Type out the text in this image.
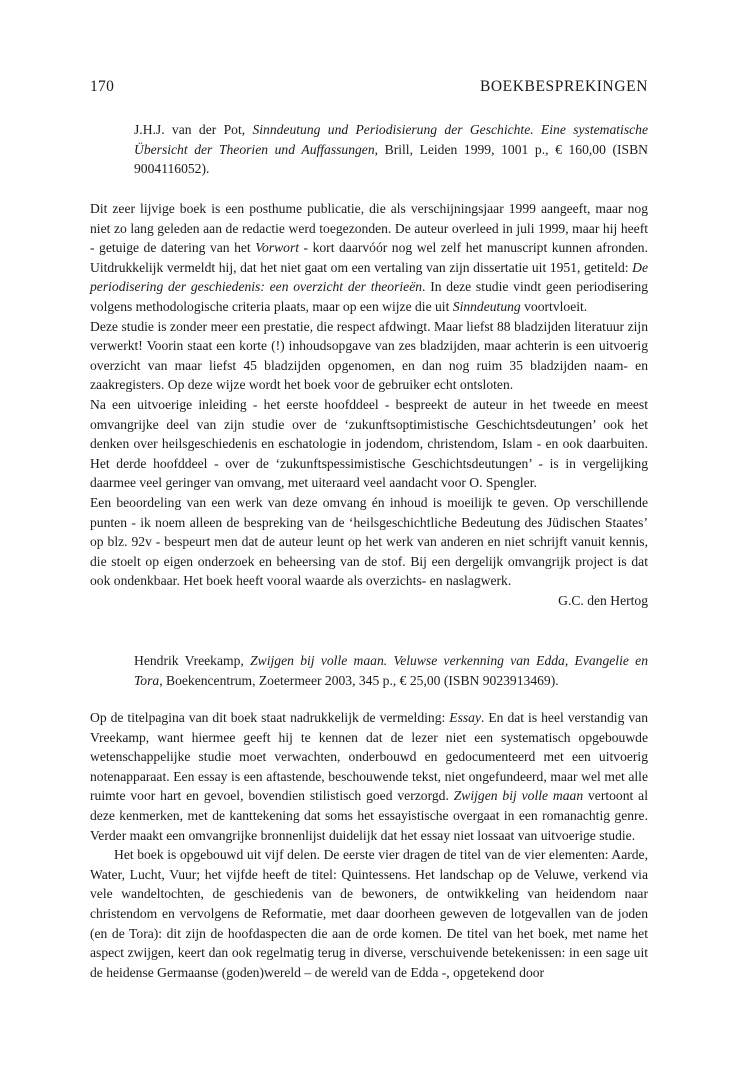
170	BOEKBESPREKINGEN
J.H.J. van der Pot, Sinndeutung und Periodisierung der Geschichte. Eine systematische Übersicht der Theorien und Auffassungen, Brill, Leiden 1999, 1001 p., € 160,00 (ISBN 9004116052).

Dit zeer lijvige boek is een posthume publicatie, die als verschijningsjaar 1999 aangeeft, maar nog niet zo lang geleden aan de redactie werd toegezonden. De auteur overleed in juli 1999, maar hij heeft - getuige de datering van het Vorwort - kort daarvóór nog wel zelf het manuscript kunnen afronden. Uitdrukkelijk vermeldt hij, dat het niet gaat om een vertaling van zijn dissertatie uit 1951, getiteld: De periodisering der geschiedenis: een overzicht der theorieën. In deze studie vindt geen periodisering volgens methodologische criteria plaats, maar op een wijze die uit Sinndeutung voortvloeit.

Deze studie is zonder meer een prestatie, die respect afdwingt. Maar liefst 88 bladzijden literatuur zijn verwerkt! Voorin staat een korte (!) inhoudsopgave van zes bladzijden, maar achterin is een uitvoerig overzicht van maar liefst 45 bladzijden opgenomen, en dan nog ruim 35 bladzijden naam- en zaakregisters. Op deze wijze wordt het boek voor de gebruiker echt ontsloten.

Na een uitvoerige inleiding - het eerste hoofddeel - bespreekt de auteur in het tweede en meest omvangrijke deel van zijn studie over de ‘zukunftsoptimistische Geschichtsdeutungen’ ook het denken over heilsgeschiedenis en eschatologie in jodendom, christendom, Islam - en ook daarbuiten. Het derde hoofddeel - over de ‘zukunftspessimistische Geschichtsdeutungen’ - is in vergelijking daarmee veel geringer van omvang, met uiteraard veel aandacht voor O. Spengler.

Een beoordeling van een werk van deze omvang én inhoud is moeilijk te geven. Op verschillende punten - ik noem alleen de bespreking van de ‘heilsgeschichtliche Bedeutung des Jüdischen Staates’ op blz. 92v - bespeurt men dat de auteur leunt op het werk van anderen en niet schrijft vanuit kennis, die stoelt op eigen onderzoek en beheersing van de stof. Bij een dergelijk omvangrijk project is dat ook ondenkbaar. Het boek heeft vooral waarde als overzichts- en naslagwerk.

G.C. den Hertog
Hendrik Vreekamp, Zwijgen bij volle maan. Veluwse verkenning van Edda, Evangelie en Tora, Boekencentrum, Zoetermeer 2003, 345 p., € 25,00 (ISBN 9023913469).

Op de titelpagina van dit boek staat nadrukkelijk de vermelding: Essay. En dat is heel verstandig van Vreekamp, want hiermee geeft hij te kennen dat de lezer niet een systematisch opgebouwde wetenschappelijke studie moet verwachten, onderbouwd en gedocumenteerd met een uitvoerig notenapparaat. Een essay is een aftastende, beschouwende tekst, niet ongefundeerd, maar wel met alle ruimte voor hart en gevoel, bovendien stilistisch goed verzorgd. Zwijgen bij volle maan vertoont al deze kenmerken, met de kanttekening dat soms het essayistische overgaat in een romanachtig genre. Verder maakt een omvangrijke bronnenlijst duidelijk dat het essay niet lossaat van uitvoerige studie.

Het boek is opgebouwd uit vijf delen. De eerste vier dragen de titel van de vier elementen: Aarde, Water, Lucht, Vuur; het vijfde heeft de titel: Quintessens. Het landschap op de Veluwe, verkend via vele wandeltochten, de geschiedenis van de bewoners, de ontwikkeling van heidendom naar christendom en vervolgens de Reformatie, met daar doorheen geweven de lotgevallen van de joden (en de Tora): dit zijn de hoofdaspecten die aan de orde komen. De titel van het boek, met name het aspect zwijgen, keert dan ook regelmatig terug in diverse, verschuivende betekenissen: in een sage uit de heidense Germaanse (goden)wereld – de wereld van de Edda -, opgetekend door
